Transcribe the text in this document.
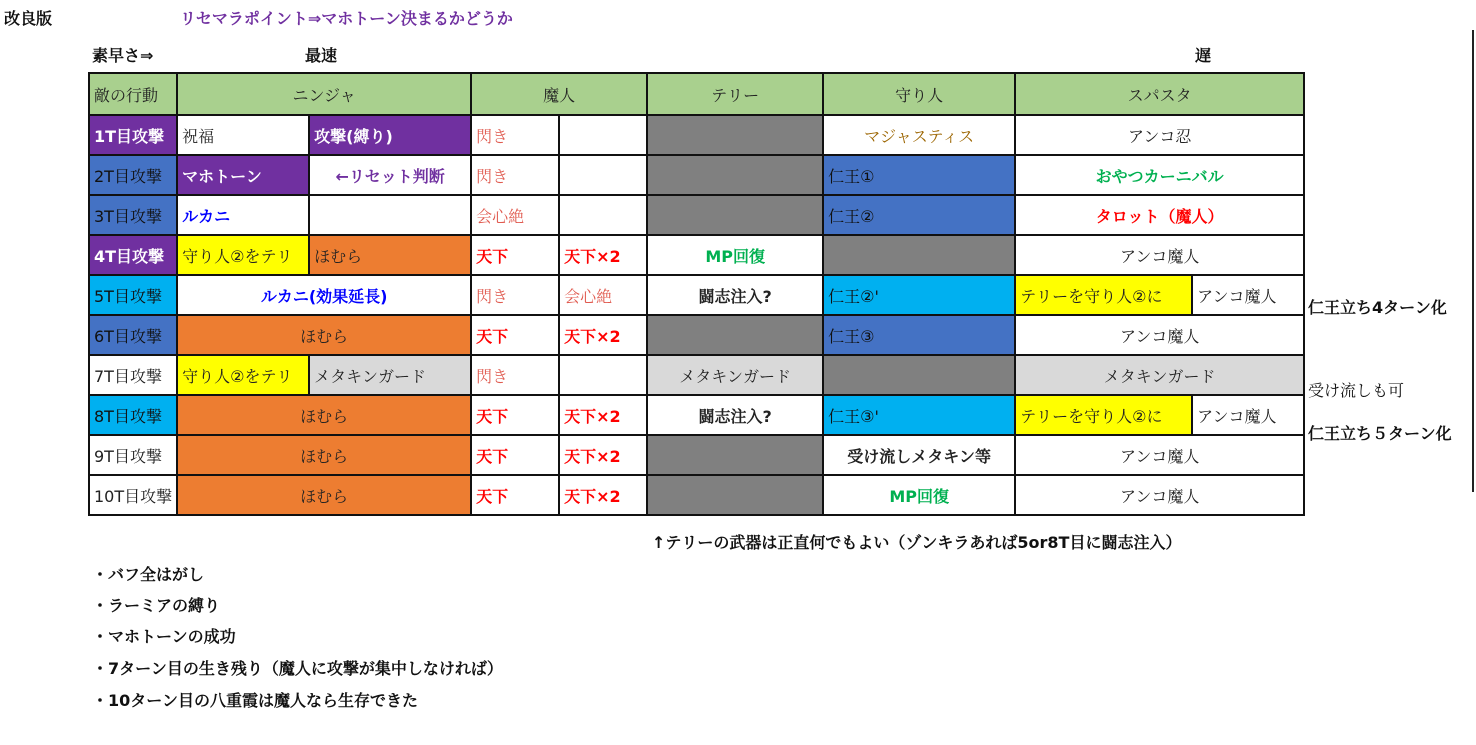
改良版	リセマラポイント⇒マホトーン決まるかどうか
素早さ⇒	最速	遅
敵の行動	ニンジャ		魔人		テリー	守り人	スパスタ	
1T目攻撃	祝福	攻撃(縛り)	閃き			マジャスティス	アンコ忍	
2T目攻撃	マホトーン	←リセット判断	閃き			仁王①	おやつカーニバル	
3T目攻撃	ルカニ		会心絶			仁王②	タロット（魔人）	
4T目攻撃	守り人②をテリ	ほむら	天下	天下×2	MP回復		アンコ魔人	
5T目攻撃	ルカニ(効果延長)		閃き	会心絶	闘志注入?	仁王②'	テリーを守り人②に	アンコ魔人
6T目攻撃	ほむら		天下	天下×2		仁王③	アンコ魔人	
7T目攻撃	守り人②をテリ	メタキンガード	閃き		メタキンガード		メタキンガード	
8T目攻撃	ほむら		天下	天下×2	闘志注入?	仁王③'	テリーを守り人②に	アンコ魔人
9T目攻撃	ほむら		天下	天下×2		受け流しメタキン等	アンコ魔人	
10T目攻撃	ほむら		天下	天下×2		MP回復	アンコ魔人	
仁王立ち4ターン化
受け流しも可
仁王立ち５ターン化
↑テリーの武器は正直何でもよい（ゾンキラあれば5or8T目に闘志注入）
・バフ全はがし
・ラーミアの縛り
・マホトーンの成功
・7ターン目の生き残り（魔人に攻撃が集中しなければ）
・10ターン目の八重霞は魔人なら生存できた
